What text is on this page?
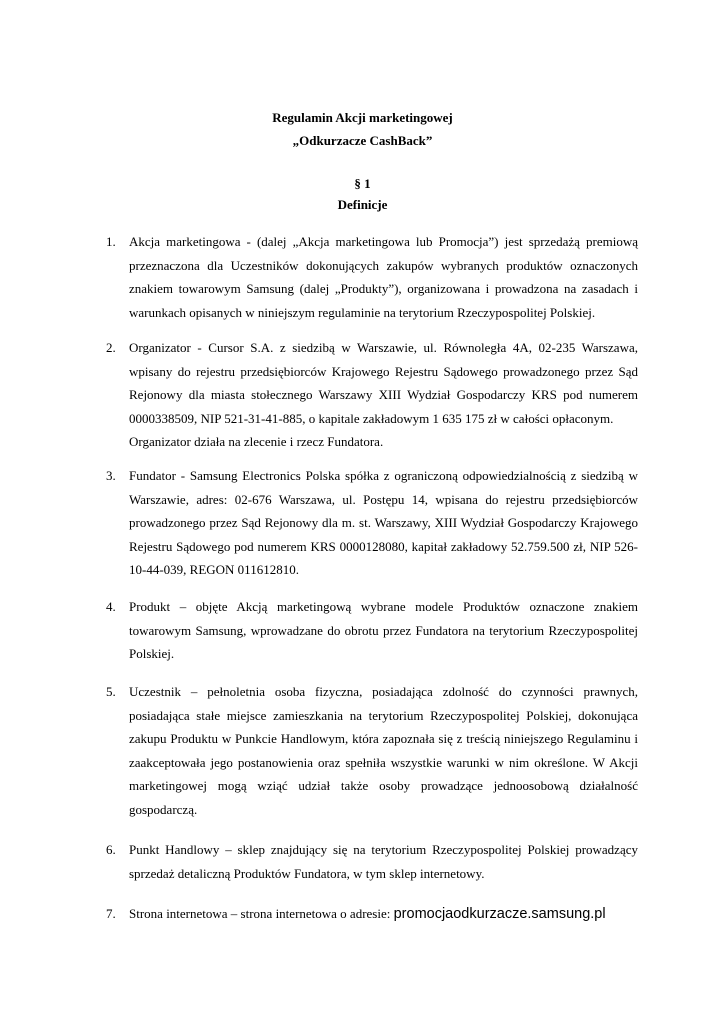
Regulamin Akcji marketingowej
„Odkurzacze CashBack”
§ 1
Definicje
1.	Akcja marketingowa - (dalej „Akcja marketingowa lub Promocja”) jest sprzedażą premiową przeznaczona dla Uczestników dokonujących zakupów wybranych produktów oznaczonych znakiem towarowym Samsung (dalej „Produkty”), organizowana i prowadzona na zasadach i warunkach opisanych w niniejszym regulaminie na terytorium Rzeczypospolitej Polskiej.
2.	Organizator - Cursor S.A. z siedzibą w Warszawie, ul. Równoległa 4A, 02-235 Warszawa, wpisany do rejestru przedsiębiorców Krajowego Rejestru Sądowego prowadzonego przez Sąd Rejonowy dla miasta stołecznego Warszawy XIII Wydział Gospodarczy KRS pod numerem 0000338509, NIP 521-31-41-885, o kapitale zakładowym 1 635 175 zł w całości opłaconym.
Organizator działa na zlecenie i rzecz Fundatora.
3.	Fundator - Samsung Electronics Polska spółka z ograniczoną odpowiedzialnością z siedzibą w Warszawie, adres: 02-676 Warszawa, ul. Postępu 14, wpisana do rejestru przedsiębiorców prowadzonego przez Sąd Rejonowy dla m. st. Warszawy, XIII Wydział Gospodarczy Krajowego Rejestru Sądowego pod numerem KRS 0000128080, kapitał zakładowy 52.759.500 zł, NIP 526-10-44-039, REGON 011612810.
4.	Produkt – objęte Akcją marketingową wybrane modele Produktów oznaczone znakiem towarowym Samsung, wprowadzane do obrotu przez Fundatora na terytorium Rzeczypospolitej Polskiej.
5.	Uczestnik – pełnoletnia osoba fizyczna, posiadająca zdolność do czynności prawnych, posiadająca stałe miejsce zamieszkania na terytorium Rzeczypospolitej Polskiej, dokonująca zakupu Produktu w Punkcie Handlowym, która zapoznała się z treścią niniejszego Regulaminu i zaakceptowała jego postanowienia oraz spełniła wszystkie warunki w nim określone. W Akcji marketingowej mogą wziąć udział także osoby prowadzące jednoosobową działalność gospodarczą.
6.	Punkt Handlowy – sklep znajdujący się na terytorium Rzeczypospolitej Polskiej prowadzący sprzedaż detaliczną Produktów Fundatora, w tym sklep internetowy.
7.	Strona internetowa – strona internetowa o adresie: promocjaodkurzacze.samsung.pl
